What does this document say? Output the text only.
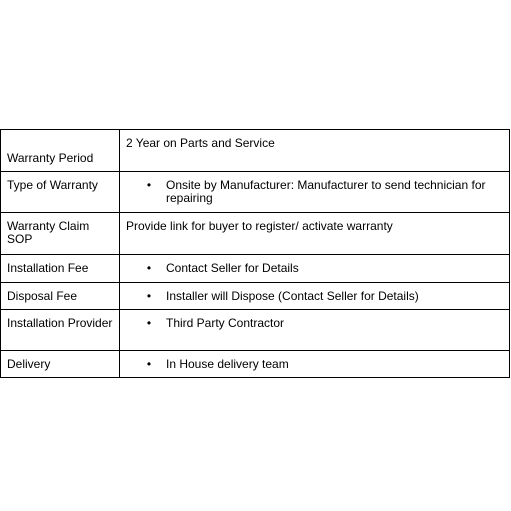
Warranty Period	2 Year on Parts and Service

Type of Warranty	• Onsite by Manufacturer: Manufacturer to send technician for repairing

Warranty Claim SOP	Provide link for buyer to register/ activate warranty

Installation Fee	• Contact Seller for Details

Disposal Fee	• Installer will Dispose (Contact Seller for Details)

Installation Provider	• Third Party Contractor

Delivery	• In House delivery team
